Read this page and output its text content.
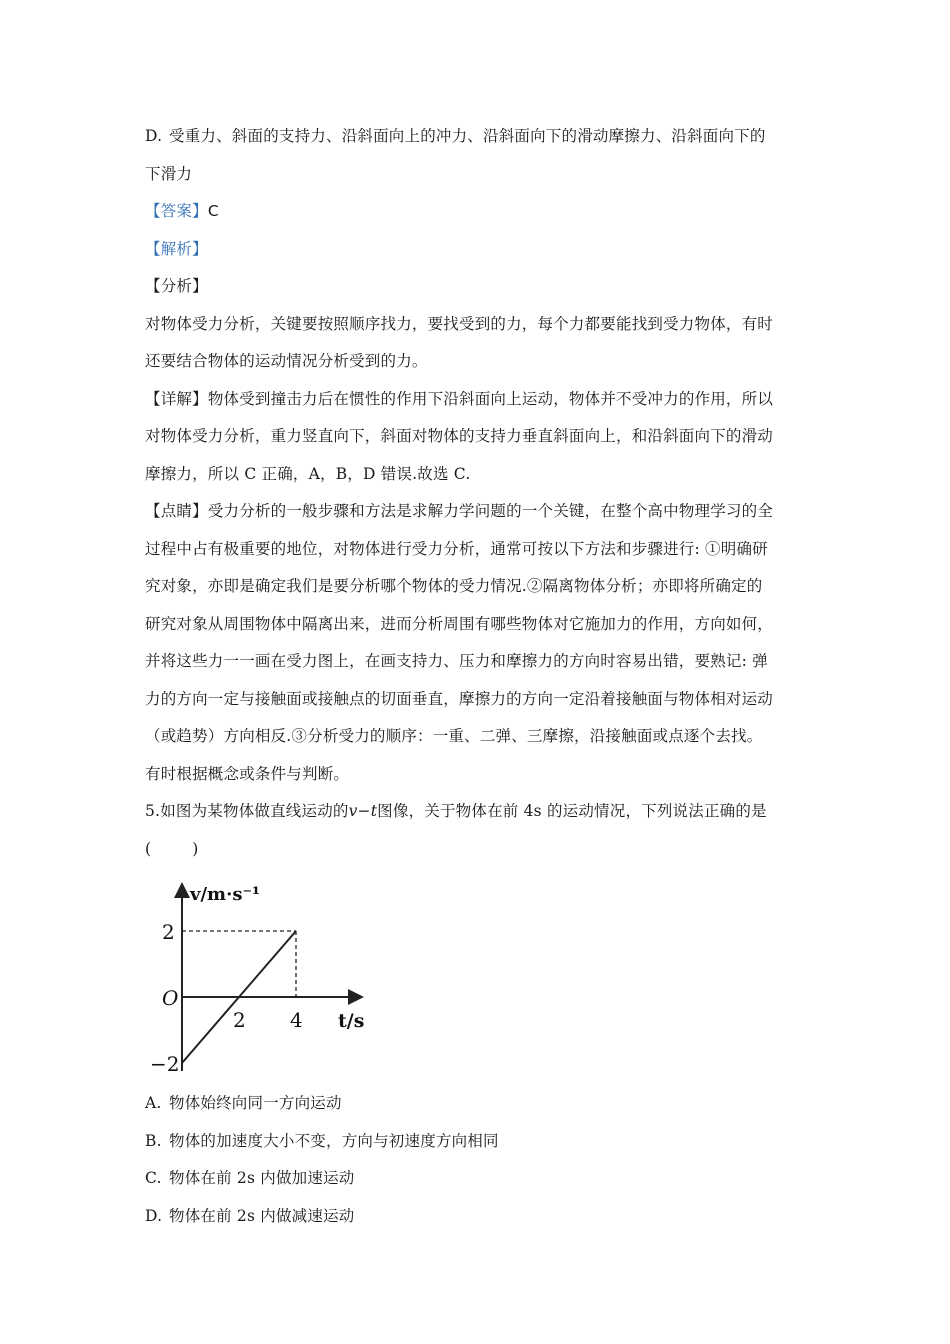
D. 受重力、斜面的支持力、沿斜面向上的冲力、沿斜面向下的滑动摩擦力、沿斜面向下的
下滑力
【答案】C
【解析】
【分析】
对物体受力分析，关键要按照顺序找力，要找受到的力，每个力都要能找到受力物体，有时
还要结合物体的运动情况分析受到的力。
【详解】物体受到撞击力后在惯性的作用下沿斜面向上运动，物体并不受冲力的作用，所以
对物体受力分析，重力竖直向下，斜面对物体的支持力垂直斜面向上，和沿斜面向下的滑动
摩擦力，所以 C 正确，A，B，D 错误.故选 C.
【点睛】受力分析的一般步骤和方法是求解力学问题的一个关键，在整个高中物理学习的全
过程中占有极重要的地位，对物体进行受力分析，通常可按以下方法和步骤进行: ①明确研
究对象，亦即是确定我们是要分析哪个物体的受力情况.②隔离物体分析；亦即将所确定的
研究对象从周围物体中隔离出来，进而分析周围有哪些物体对它施加力的作用，方向如何，
并将这些力一一画在受力图上，在画支持力、压力和摩擦力的方向时容易出错，要熟记: 弹
力的方向一定与接触面或接触点的切面垂直，摩擦力的方向一定沿着接触面与物体相对运动
（或趋势）方向相反.③分析受力的顺序：一重、二弹、三摩擦，沿接触面或点逐个去找。
有时根据概念或条件与判断。
5.如图为某物体做直线运动的v−t图像，关于物体在前 4s 的运动情况，下列说法正确的是
(        )
v/m·s⁻¹
t/s
O
2
−2
2 4
A. 物体始终向同一方向运动
B. 物体的加速度大小不变，方向与初速度方向相同
C. 物体在前 2s 内做加速运动
D. 物体在前 2s 内做减速运动
